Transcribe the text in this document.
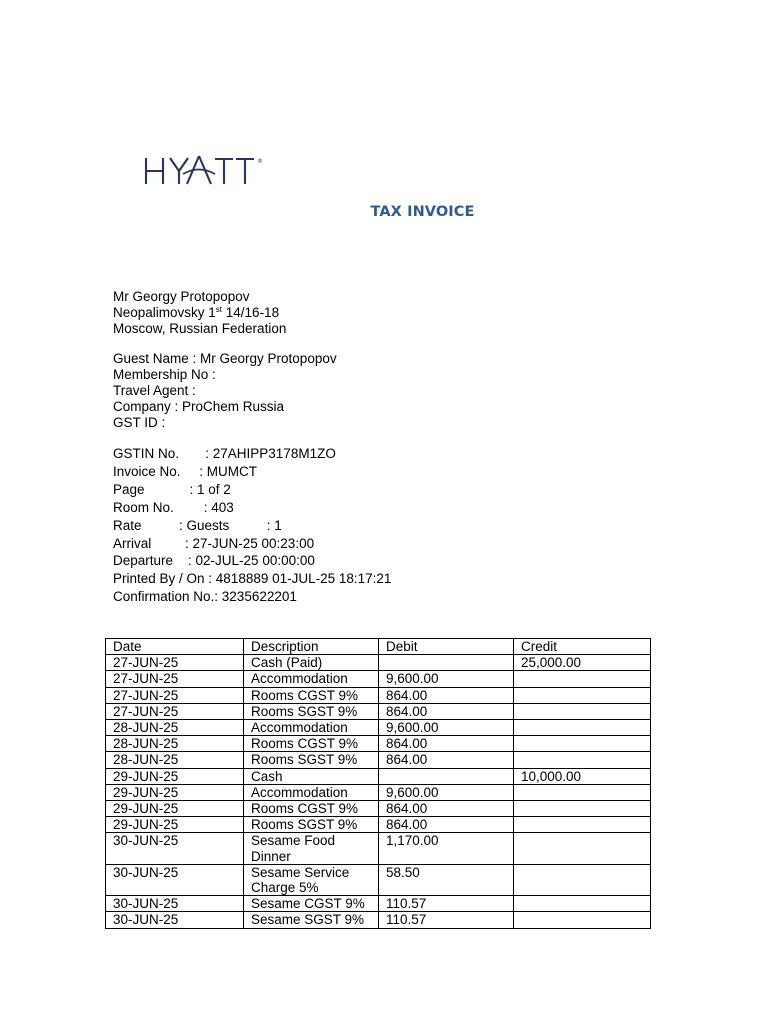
®
TAX INVOICE
Mr Georgy Protopopov
Neopalimovsky 1st 14/16-18
Moscow, Russian Federation
Guest Name : Mr Georgy Protopopov
Membership No :
Travel Agent :
Company : ProChem Russia
GST ID :
GSTIN No.       : 27AHIPP3178M1ZO
Invoice No.     : MUMCT
Page            : 1 of 2
Room No.        : 403
Rate          : Guests          : 1
Arrival         : 27-JUN-25 00:23:00
Departure    : 02-JUL-25 00:00:00
Printed By / On : 4818889 01-JUL-25 18:17:21
Confirmation No.: 3235622201
Date	Description	Debit	Credit
27-JUN-25	Cash (Paid)		25,000.00
27-JUN-25	Accommodation	9,600.00	
27-JUN-25	Rooms CGST 9%	864.00	
27-JUN-25	Rooms SGST 9%	864.00	
28-JUN-25	Accommodation	9,600.00	
28-JUN-25	Rooms CGST 9%	864.00	
28-JUN-25	Rooms SGST 9%	864.00	
29-JUN-25	Cash		10,000.00
29-JUN-25	Accommodation	9,600.00	
29-JUN-25	Rooms CGST 9%	864.00	
29-JUN-25	Rooms SGST 9%	864.00	
30-JUN-25	Sesame Food Dinner	1,170.00	
30-JUN-25	Sesame Service Charge 5%	58.50	
30-JUN-25	Sesame CGST 9%	110.57	
30-JUN-25	Sesame SGST 9%	110.57	
